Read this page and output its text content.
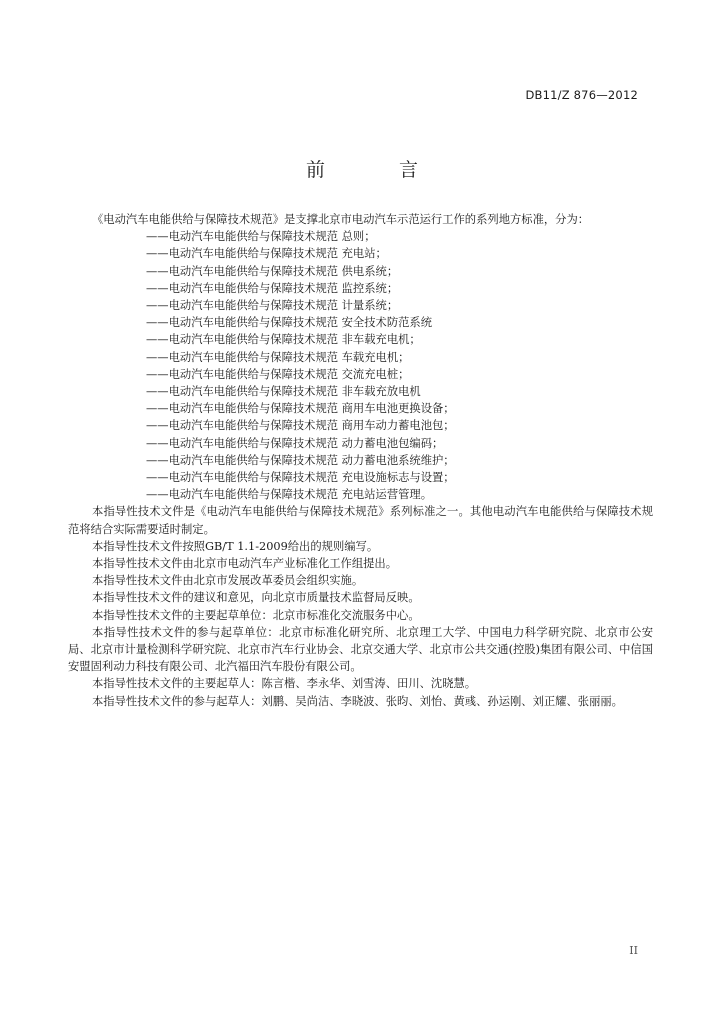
DB11/Z 876—2012
前 言

《电动汽车电能供给与保障技术规范》是支撑北京市电动汽车示范运行工作的系列地方标准，分为：

——电动汽车电能供给与保障技术规范 总则；

——电动汽车电能供给与保障技术规范 充电站；

——电动汽车电能供给与保障技术规范 供电系统；

——电动汽车电能供给与保障技术规范 监控系统；

——电动汽车电能供给与保障技术规范 计量系统；

——电动汽车电能供给与保障技术规范 安全技术防范系统

——电动汽车电能供给与保障技术规范 非车载充电机；

——电动汽车电能供给与保障技术规范 车载充电机；

——电动汽车电能供给与保障技术规范 交流充电桩；

——电动汽车电能供给与保障技术规范 非车载充放电机

——电动汽车电能供给与保障技术规范 商用车电池更换设备；

——电动汽车电能供给与保障技术规范 商用车动力蓄电池包；

——电动汽车电能供给与保障技术规范 动力蓄电池包编码；

——电动汽车电能供给与保障技术规范 动力蓄电池系统维护；

——电动汽车电能供给与保障技术规范 充电设施标志与设置；

——电动汽车电能供给与保障技术规范 充电站运营管理。

本指导性技术文件是《电动汽车电能供给与保障技术规范》系列标准之一。其他电动汽车电能供给与保障技术规范将结合实际需要适时制定。

本指导性技术文件按照GB/T 1.1-2009给出的规则编写。

本指导性技术文件由北京市电动汽车产业标准化工作组提出。

本指导性技术文件由北京市发展改革委员会组织实施。

本指导性技术文件的建议和意见，向北京市质量技术监督局反映。

本指导性技术文件的主要起草单位：北京市标准化交流服务中心。

本指导性技术文件的参与起草单位：北京市标准化研究所、北京理工大学、中国电力科学研究院、北京市公安局、北京市计量检测科学研究院、北京市汽车行业协会、北京交通大学、北京市公共交通(控股)集团有限公司、中信国安盟固利动力科技有限公司、北汽福田汽车股份有限公司。

本指导性技术文件的主要起草人：陈言楷、李永华、刘雪涛、田川、沈晓慧。

本指导性技术文件的参与起草人：刘鹏、吴尚洁、李晓波、张昀、刘怡、黄彧、孙运刚、刘正耀、张丽丽。

II
